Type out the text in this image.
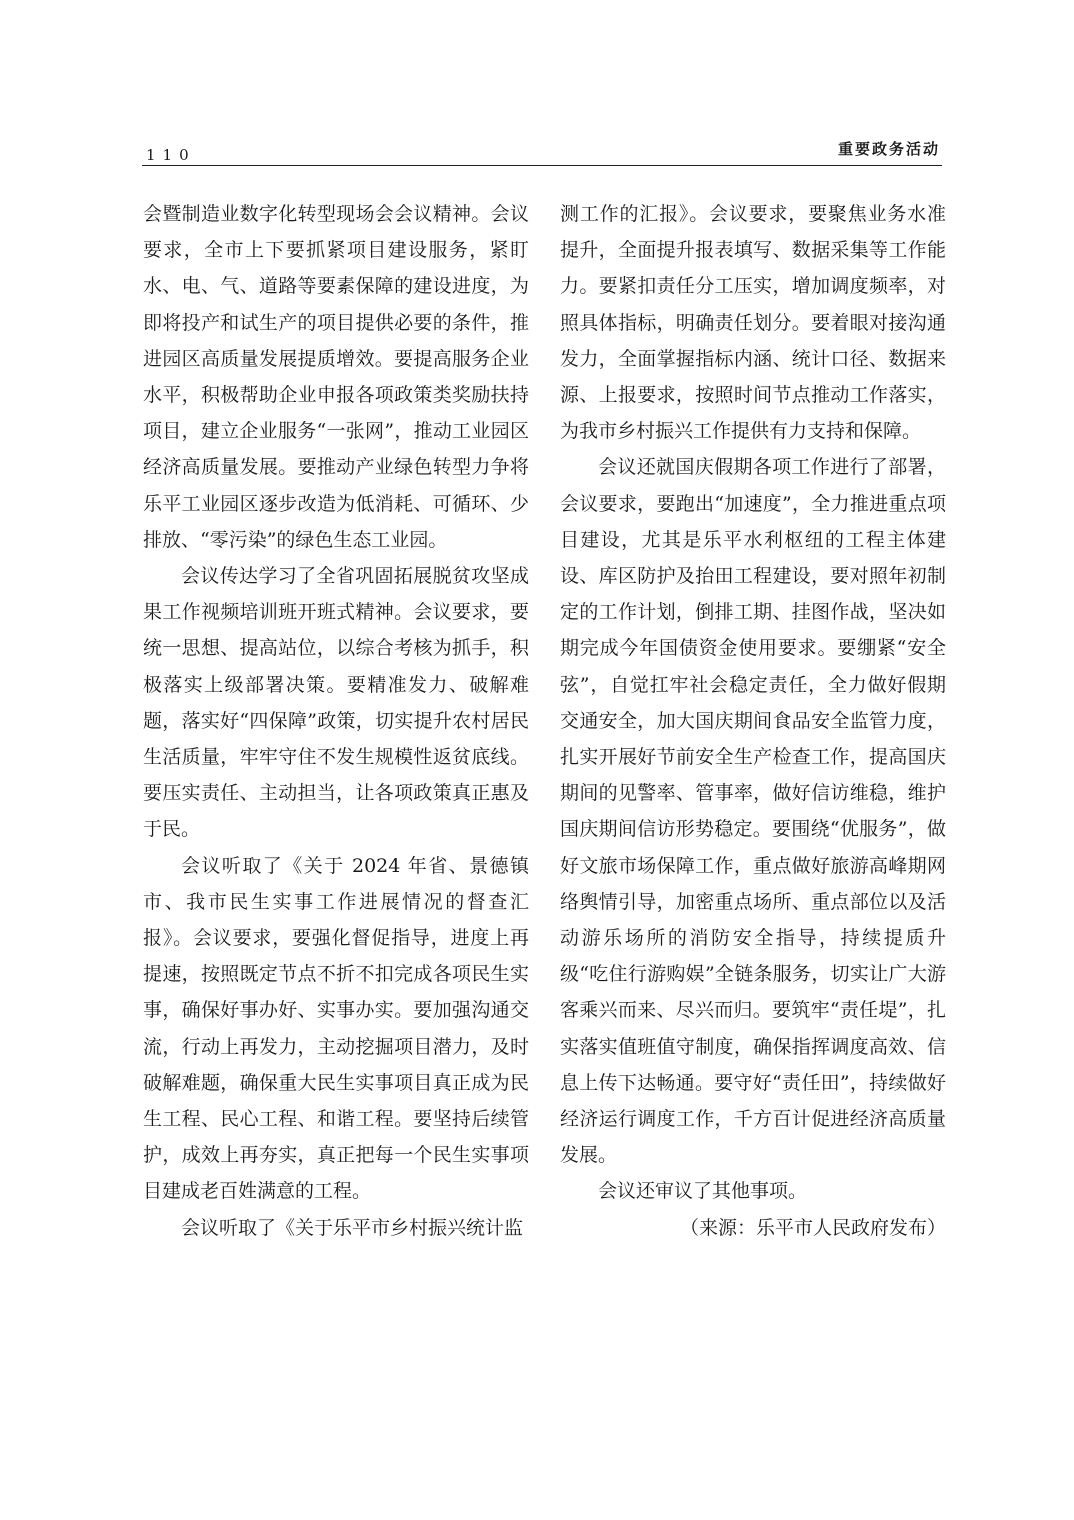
110	重要政务活动

会暨制造业数字化转型现场会会议精神。会议要求，全市上下要抓紧项目建设服务，紧盯水、电、气、道路等要素保障的建设进度，为即将投产和试生产的项目提供必要的条件，推进园区高质量发展提质增效。要提高服务企业水平，积极帮助企业申报各项政策类奖励扶持项目，建立企业服务“一张网”，推动工业园区经济高质量发展。要推动产业绿色转型力争将乐平工业园区逐步改造为低消耗、可循环、少排放、“零污染”的绿色生态工业园。

会议传达学习了全省巩固拓展脱贫攻坚成果工作视频培训班开班式精神。会议要求，要统一思想、提高站位，以综合考核为抓手，积极落实上级部署决策。要精准发力、破解难题，落实好“四保障”政策，切实提升农村居民生活质量，牢牢守住不发生规模性返贫底线。要压实责任、主动担当，让各项政策真正惠及于民。

会议听取了《关于 2024 年省、景德镇市、我市民生实事工作进展情况的督查汇报》。会议要求，要强化督促指导，进度上再提速，按照既定节点不折不扣完成各项民生实事，确保好事办好、实事办实。要加强沟通交流，行动上再发力，主动挖掘项目潜力，及时破解难题，确保重大民生实事项目真正成为民生工程、民心工程、和谐工程。要坚持后续管护，成效上再夯实，真正把每一个民生实事项目建成老百姓满意的工程。

会议听取了《关于乐平市乡村振兴统计监

测工作的汇报》。会议要求，要聚焦业务水准提升，全面提升报表填写、数据采集等工作能力。要紧扣责任分工压实，增加调度频率，对照具体指标，明确责任划分。要着眼对接沟通发力，全面掌握指标内涵、统计口径、数据来源、上报要求，按照时间节点推动工作落实，为我市乡村振兴工作提供有力支持和保障。

会议还就国庆假期各项工作进行了部署，会议要求，要跑出“加速度”，全力推进重点项目建设，尤其是乐平水利枢纽的工程主体建设、库区防护及抬田工程建设，要对照年初制定的工作计划，倒排工期、挂图作战，坚决如期完成今年国债资金使用要求。要绷紧“安全弦”，自觉扛牢社会稳定责任，全力做好假期交通安全，加大国庆期间食品安全监管力度，扎实开展好节前安全生产检查工作，提高国庆期间的见警率、管事率，做好信访维稳，维护国庆期间信访形势稳定。要围绕“优服务”，做好文旅市场保障工作，重点做好旅游高峰期网络舆情引导，加密重点场所、重点部位以及活动游乐场所的消防安全指导，持续提质升级“吃住行游购娱”全链条服务，切实让广大游客乘兴而来、尽兴而归。要筑牢“责任堤”，扎实落实值班值守制度，确保指挥调度高效、信息上传下达畅通。要守好“责任田”，持续做好经济运行调度工作，千方百计促进经济高质量发展。

会议还审议了其他事项。

（来源：乐平市人民政府发布）
